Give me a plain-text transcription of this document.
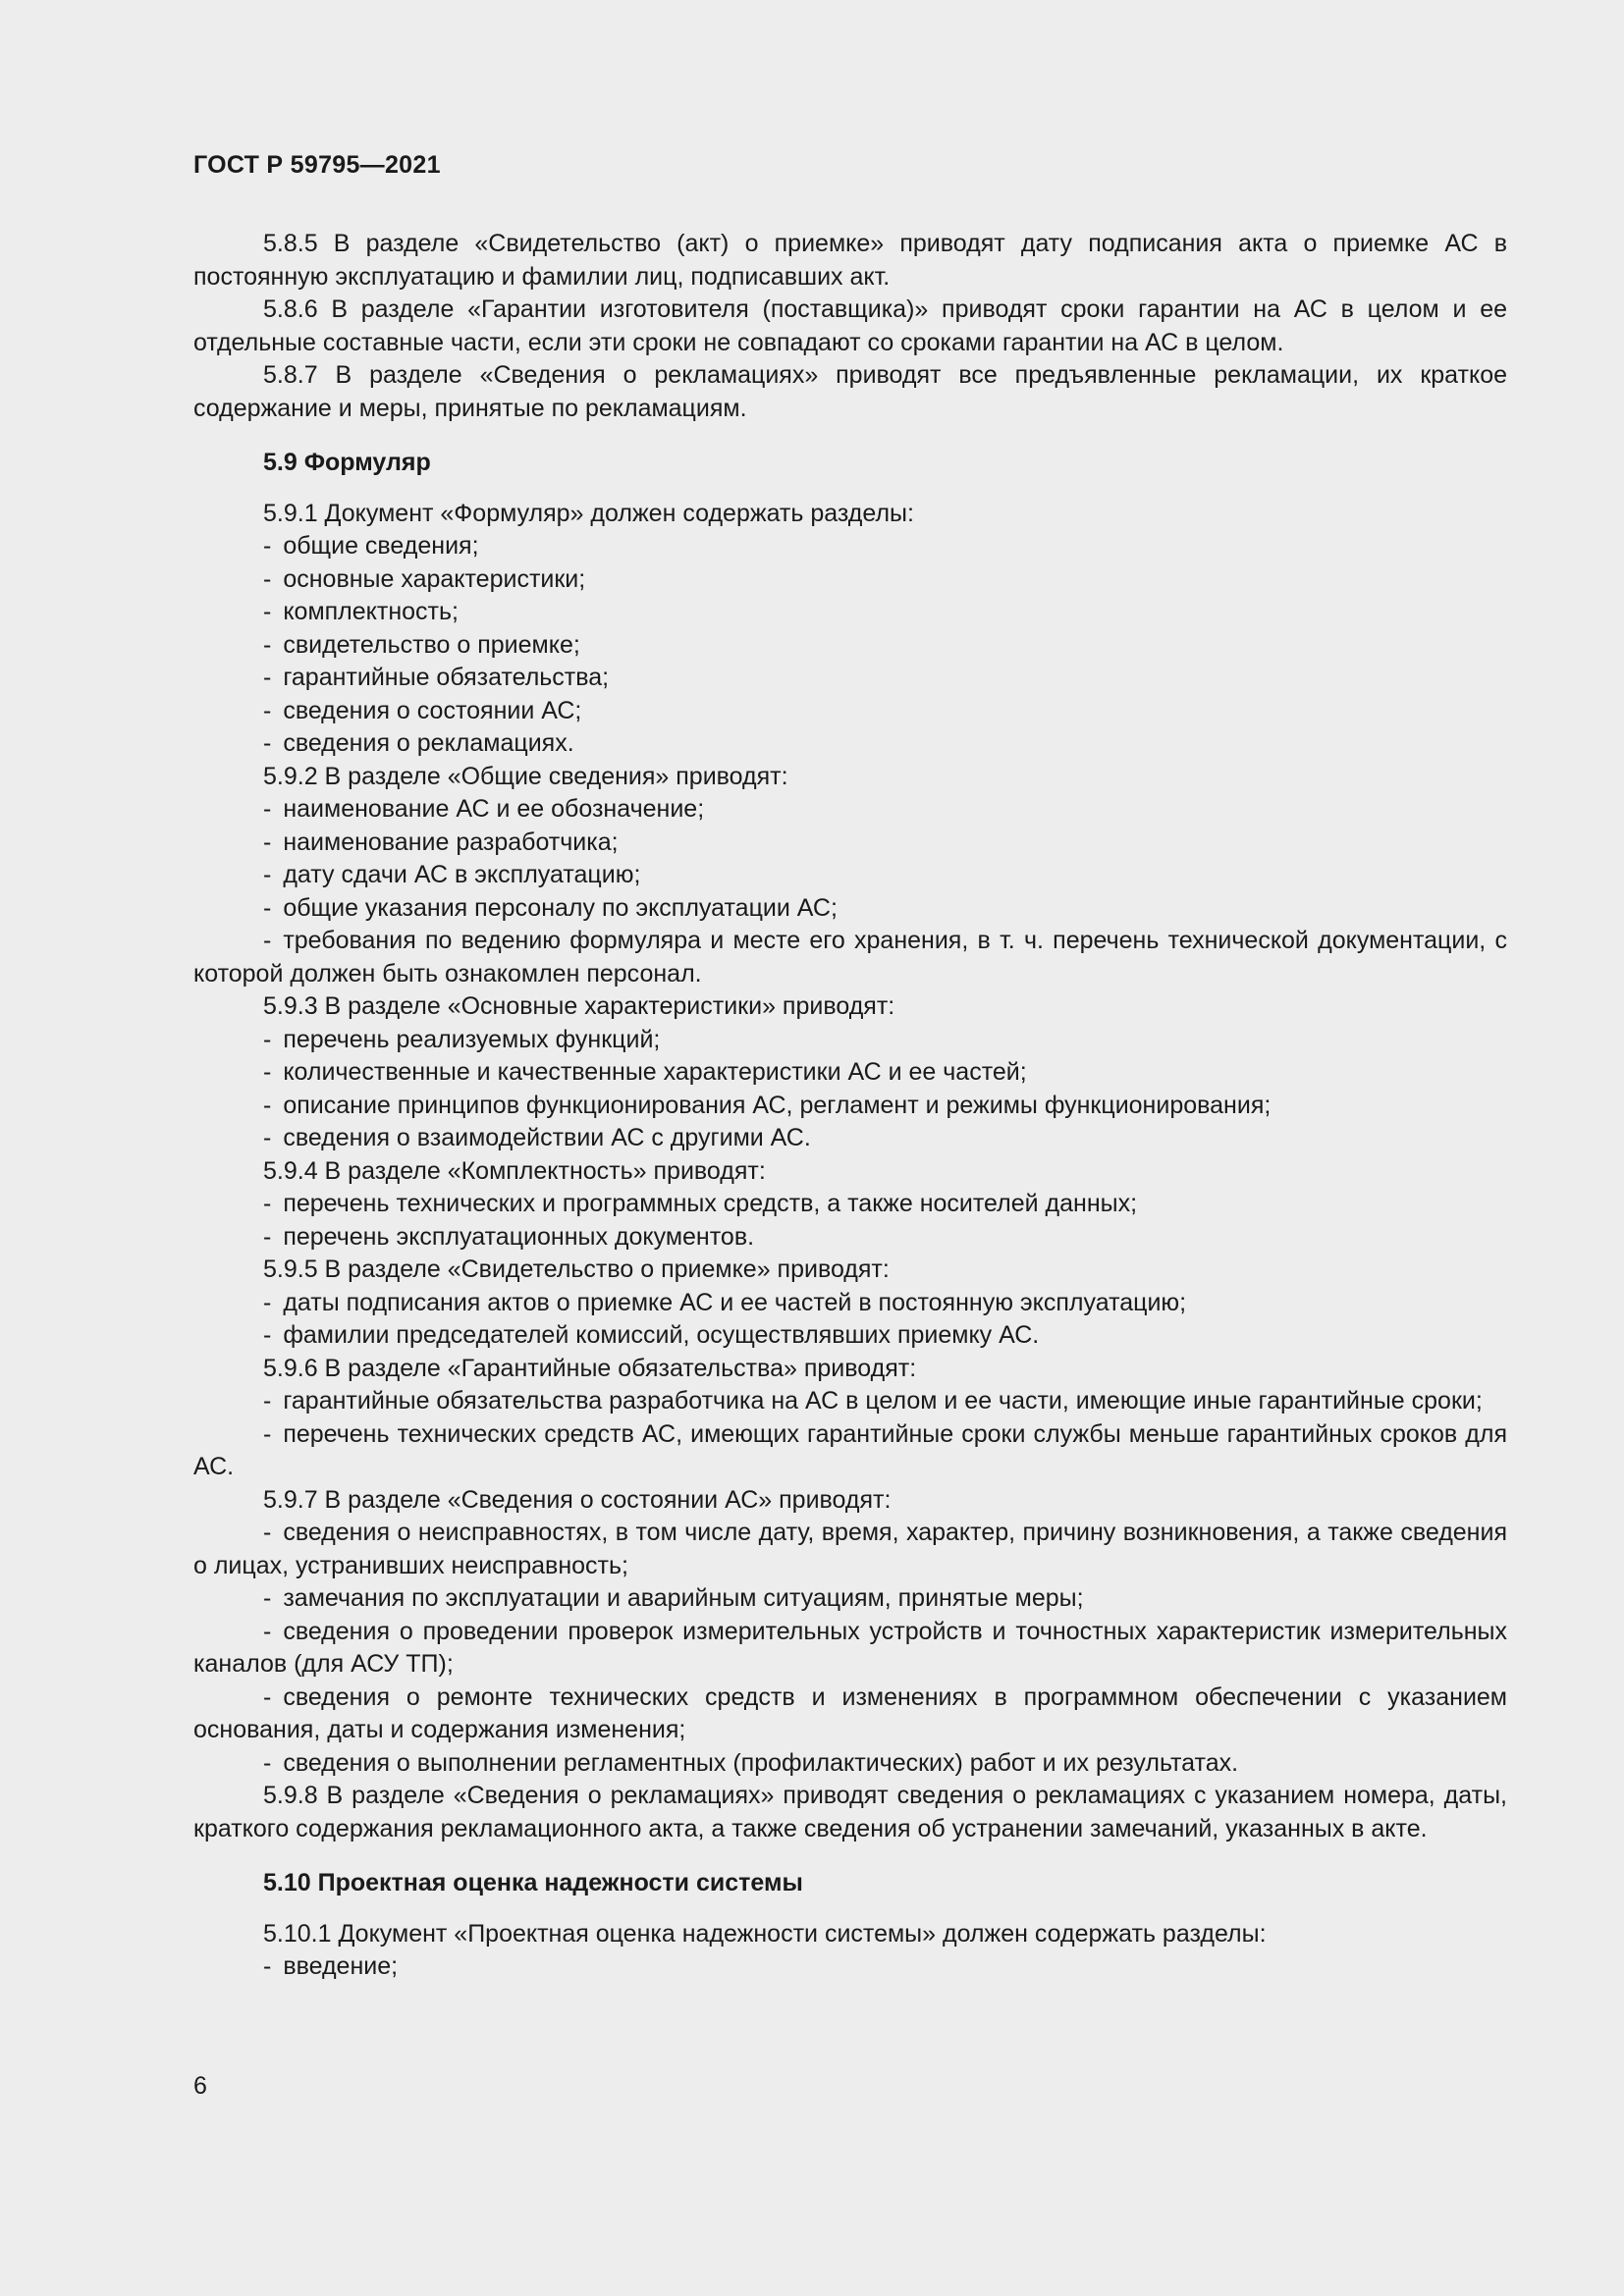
ГОСТ Р 59795—2021

5.8.5 В разделе «Свидетельство (акт) о приемке» приводят дату подписания акта о приемке АС в постоянную эксплуатацию и фамилии лиц, подписавших акт.

5.8.6 В разделе «Гарантии изготовителя (поставщика)» приводят сроки гарантии на АС в целом и ее отдельные составные части, если эти сроки не совпадают со сроками гарантии на АС в целом.

5.8.7 В разделе «Сведения о рекламациях» приводят все предъявленные рекламации, их краткое содержание и меры, принятые по рекламациям.

5.9 Формуляр

5.9.1 Документ «Формуляр» должен содержать разделы:

- общие сведения;

- основные характеристики;

- комплектность;

- свидетельство о приемке;

- гарантийные обязательства;

- сведения о состоянии АС;

- сведения о рекламациях.

5.9.2 В разделе «Общие сведения» приводят:

- наименование АС и ее обозначение;

- наименование разработчика;

- дату сдачи АС в эксплуатацию;

- общие указания персоналу по эксплуатации АС;

- требования по ведению формуляра и месте его хранения, в т. ч. перечень технической документации, с которой должен быть ознакомлен персонал.

5.9.3 В разделе «Основные характеристики» приводят:

- перечень реализуемых функций;

- количественные и качественные характеристики АС и ее частей;

- описание принципов функционирования АС, регламент и режимы функционирования;

- сведения о взаимодействии АС с другими АС.

5.9.4 В разделе «Комплектность» приводят:

- перечень технических и программных средств, а также носителей данных;

- перечень эксплуатационных документов.

5.9.5 В разделе «Свидетельство о приемке» приводят:

- даты подписания актов о приемке АС и ее частей в постоянную эксплуатацию;

- фамилии председателей комиссий, осуществлявших приемку АС.

5.9.6 В разделе «Гарантийные обязательства» приводят:

- гарантийные обязательства разработчика на АС в целом и ее части, имеющие иные гарантийные сроки;

- перечень технических средств АС, имеющих гарантийные сроки службы меньше гарантийных сроков для АС.

5.9.7 В разделе «Сведения о состоянии АС» приводят:

- сведения о неисправностях, в том числе дату, время, характер, причину возникновения, а также сведения о лицах, устранивших неисправность;

- замечания по эксплуатации и аварийным ситуациям, принятые меры;

- сведения о проведении проверок измерительных устройств и точностных характеристик измерительных каналов (для АСУ ТП);

- сведения о ремонте технических средств и изменениях в программном обеспечении с указанием основания, даты и содержания изменения;

- сведения о выполнении регламентных (профилактических) работ и их результатах.

5.9.8 В разделе «Сведения о рекламациях» приводят сведения о рекламациях с указанием номера, даты, краткого содержания рекламационного акта, а также сведения об устранении замечаний, указанных в акте.

5.10 Проектная оценка надежности системы

5.10.1 Документ «Проектная оценка надежности системы» должен содержать разделы:

- введение;

6
